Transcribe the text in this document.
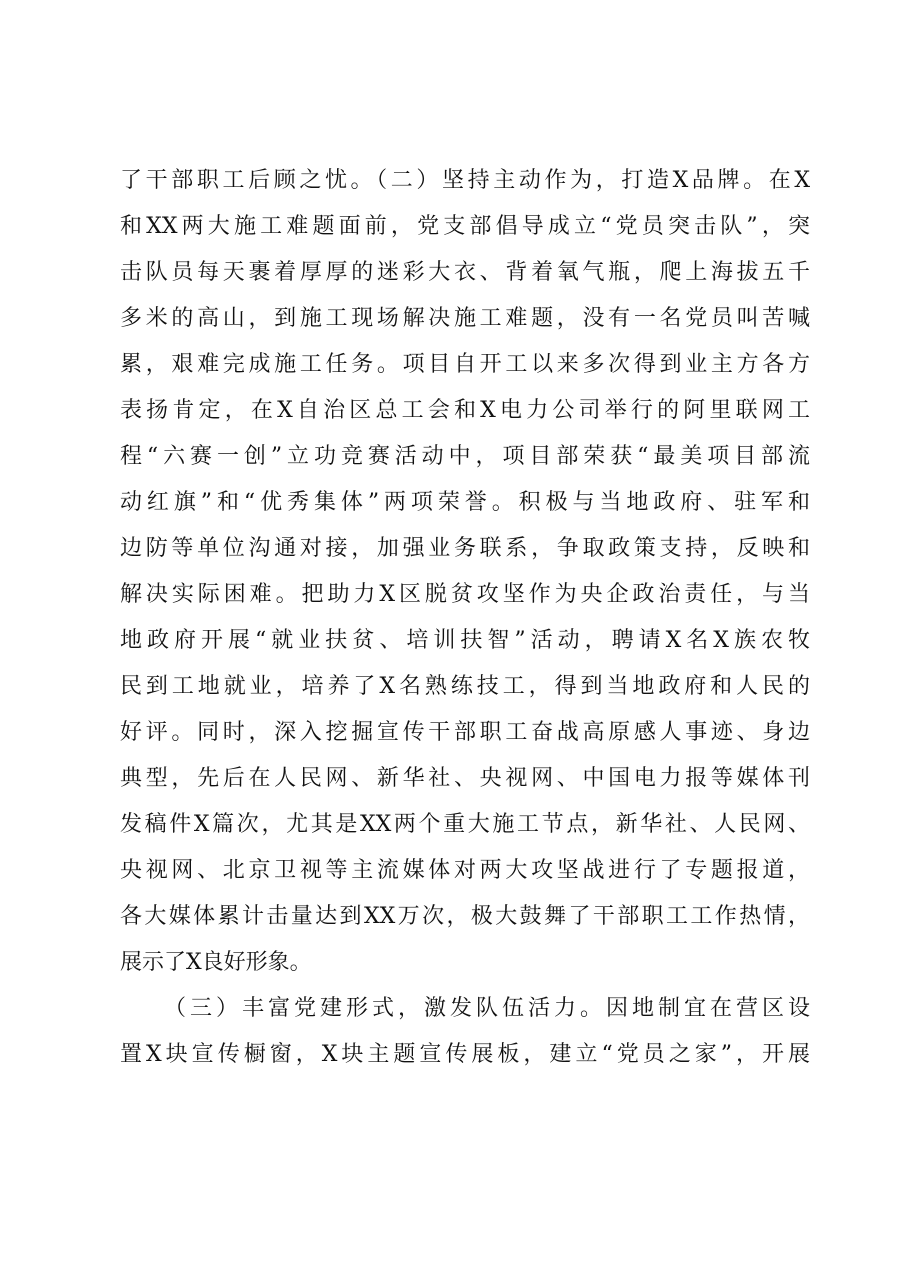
了干部职工后顾之忧。（二）坚持主动作为，打造X品牌。在X
和XX两大施工难题面前，党支部倡导成立“党员突击队”，突
击队员每天裹着厚厚的迷彩大衣、背着氧气瓶，爬上海拔五千
多米的高山，到施工现场解决施工难题，没有一名党员叫苦喊
累，艰难完成施工任务。项目自开工以来多次得到业主方各方
表扬肯定，在X自治区总工会和X电力公司举行的阿里联网工
程“六赛一创”立功竞赛活动中，项目部荣获“最美项目部流
动红旗”和“优秀集体”两项荣誉。积极与当地政府、驻军和
边防等单位沟通对接，加强业务联系，争取政策支持，反映和
解决实际困难。把助力X区脱贫攻坚作为央企政治责任，与当
地政府开展“就业扶贫、培训扶智”活动，聘请X名X族农牧
民到工地就业，培养了X名熟练技工，得到当地政府和人民的
好评。同时，深入挖掘宣传干部职工奋战高原感人事迹、身边
典型，先后在人民网、新华社、央视网、中国电力报等媒体刊
发稿件X篇次，尤其是XX两个重大施工节点，新华社、人民网、
央视网、北京卫视等主流媒体对两大攻坚战进行了专题报道，
各大媒体累计击量达到XX万次，极大鼓舞了干部职工工作热情，
展示了X良好形象。
（三）丰富党建形式，激发队伍活力。因地制宜在营区设
置X块宣传橱窗，X块主题宣传展板，建立“党员之家”，开展
